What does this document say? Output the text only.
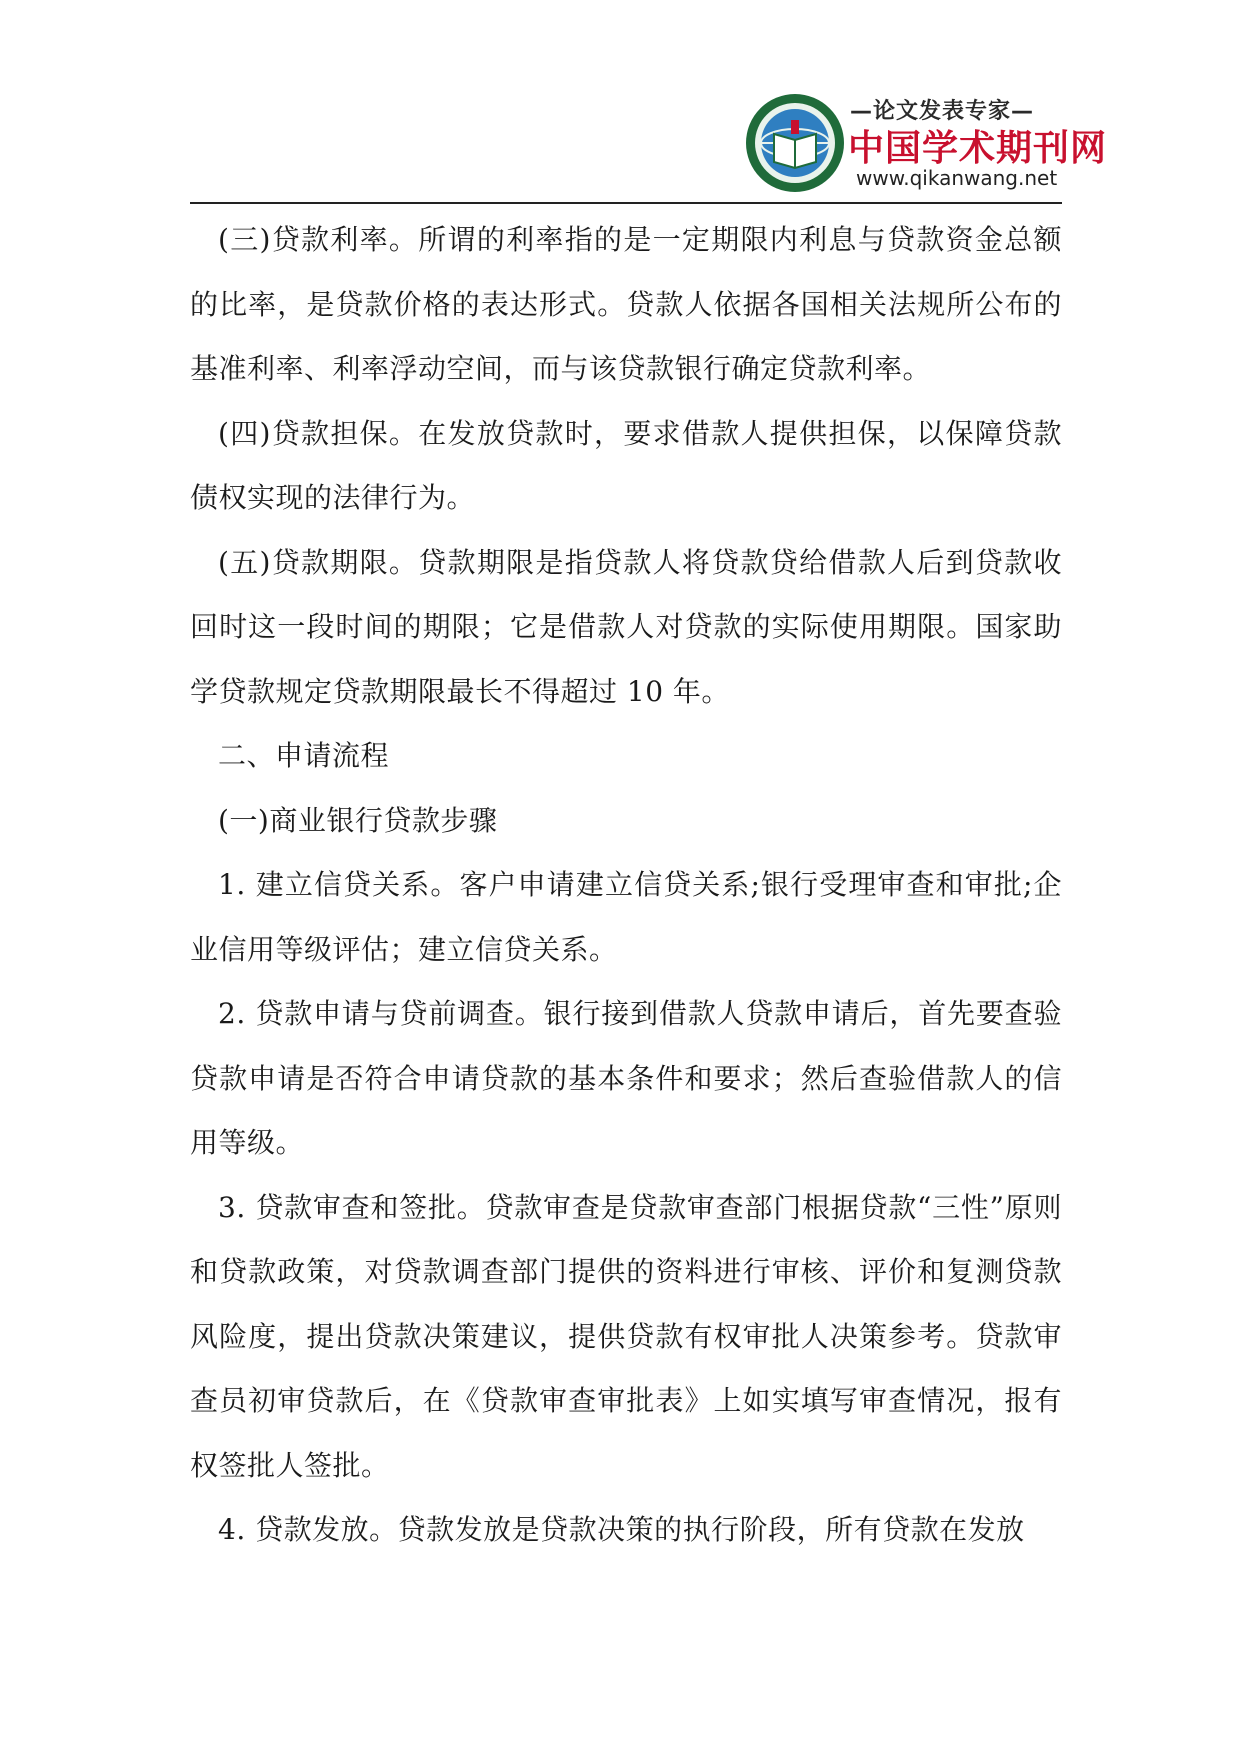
—论文发表专家—
中国学术期刊网
www.qikanwang.net

(三)贷款利率。所谓的利率指的是一定期限内利息与贷款资金总额的比率，是贷款价格的表达形式。贷款人依据各国相关法规所公布的基准利率、利率浮动空间，而与该贷款银行确定贷款利率。

(四)贷款担保。在发放贷款时，要求借款人提供担保，以保障贷款债权实现的法律行为。

(五)贷款期限。贷款期限是指贷款人将贷款贷给借款人后到贷款收回时这一段时间的期限；它是借款人对贷款的实际使用期限。国家助学贷款规定贷款期限最长不得超过 10 年。

二、申请流程

(一)商业银行贷款步骤

1. 建立信贷关系。客户申请建立信贷关系;银行受理审查和审批;企业信用等级评估；建立信贷关系。

2. 贷款申请与贷前调查。银行接到借款人贷款申请后，首先要查验贷款申请是否符合申请贷款的基本条件和要求；然后查验借款人的信用等级。

3. 贷款审查和签批。贷款审查是贷款审查部门根据贷款“三性”原则和贷款政策，对贷款调查部门提供的资料进行审核、评价和复测贷款风险度，提出贷款决策建议，提供贷款有权审批人决策参考。贷款审查员初审贷款后，在《贷款审查审批表》上如实填写审查情况，报有权签批人签批。

4. 贷款发放。贷款发放是贷款决策的执行阶段，所有贷款在发放
